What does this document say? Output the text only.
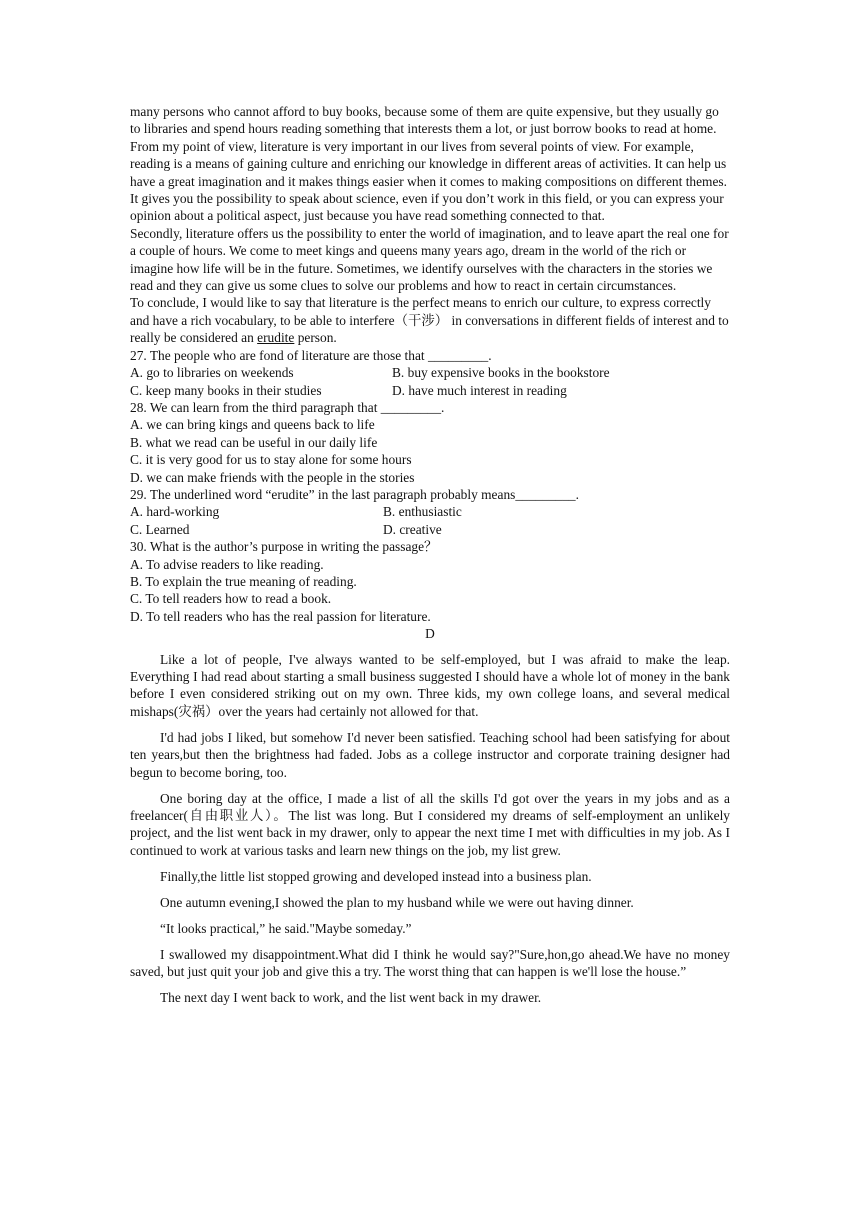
many persons who cannot afford to buy books, because some of them are quite expensive, but they usually go to libraries and spend hours reading something that interests them a lot, or just borrow books to read at home.

From my point of view, literature is very important in our lives from several points of view. For example, reading is a means of gaining culture and enriching our knowledge in different areas of activities. It can help us have a great imagination and it makes things easier when it comes to making compositions on different themes. It gives you the possibility to speak about science, even if you don’t work in this field, or you can express your opinion about a political aspect, just because you have read something connected to that.

Secondly, literature offers us the possibility to enter the world of imagination, and to leave apart the real one for a couple of hours. We come to meet kings and queens many years ago, dream in the world of the rich or imagine how life will be in the future. Sometimes, we identify ourselves with the characters in the stories we read and they can give us some clues to solve our problems and how to react in certain circumstances.

To conclude, I would like to say that literature is the perfect means to enrich our culture, to express correctly and have a rich vocabulary, to be able to interfere（干涉） in conversations in different fields of interest and to really be considered an erudite person.

27. The people who are fond of literature are those that _________.

A. go to libraries on weekends	B. buy expensive books in the bookstore

C. keep many books in their studies	D. have much interest in reading

28. We can learn from the third paragraph that _________.

A. we can bring kings and queens back to life

B. what we read can be useful in our daily life

C. it is very good for us to stay alone for some hours

D. we can make friends with the people in the stories

29. The underlined word “erudite” in the last paragraph probably means_________.

A. hard-working	B. enthusiastic

C. Learned	D. creative

30. What is the author’s purpose in writing the passage？

A. To advise readers to like reading.

B. To explain the true meaning of reading.

C. To tell readers how to read a book.

D. To tell readers who has the real passion for literature.

D

Like a lot of people, I've always wanted to be self-employed, but I was afraid to make the leap. Everything I had read about starting a small business suggested I should have a whole lot of money in the bank before I even considered striking out on my own. Three kids, my own college loans, and several medical mishaps(灾祸）over the years had certainly not allowed for that.

I'd had jobs I liked, but somehow I'd never been satisfied. Teaching school had been satisfying for about ten years,but then the brightness had faded. Jobs as a college instructor and corporate training designer had begun to become boring, too.

One boring day at the office, I made a list of all the skills I'd got over the years in my jobs and as a freelancer(自由职业人）。The list was long. But I considered my dreams of self-employment an unlikely project, and the list went back in my drawer, only to appear the next time I met with difficulties in my job. As I continued to work at various tasks and learn new things on the job, my list grew.

Finally,the little list stopped growing and developed instead into a business plan.

One autumn evening,I showed the plan to my husband while we were out having dinner.

“It looks practical,” he said."Maybe someday.”

I swallowed my disappointment.What did I think he would say?"Sure,hon,go ahead.We have no money saved, but just quit your job and give this a try. The worst thing that can happen is we'll lose the house.”

The next day I went back to work, and the list went back in my drawer.
